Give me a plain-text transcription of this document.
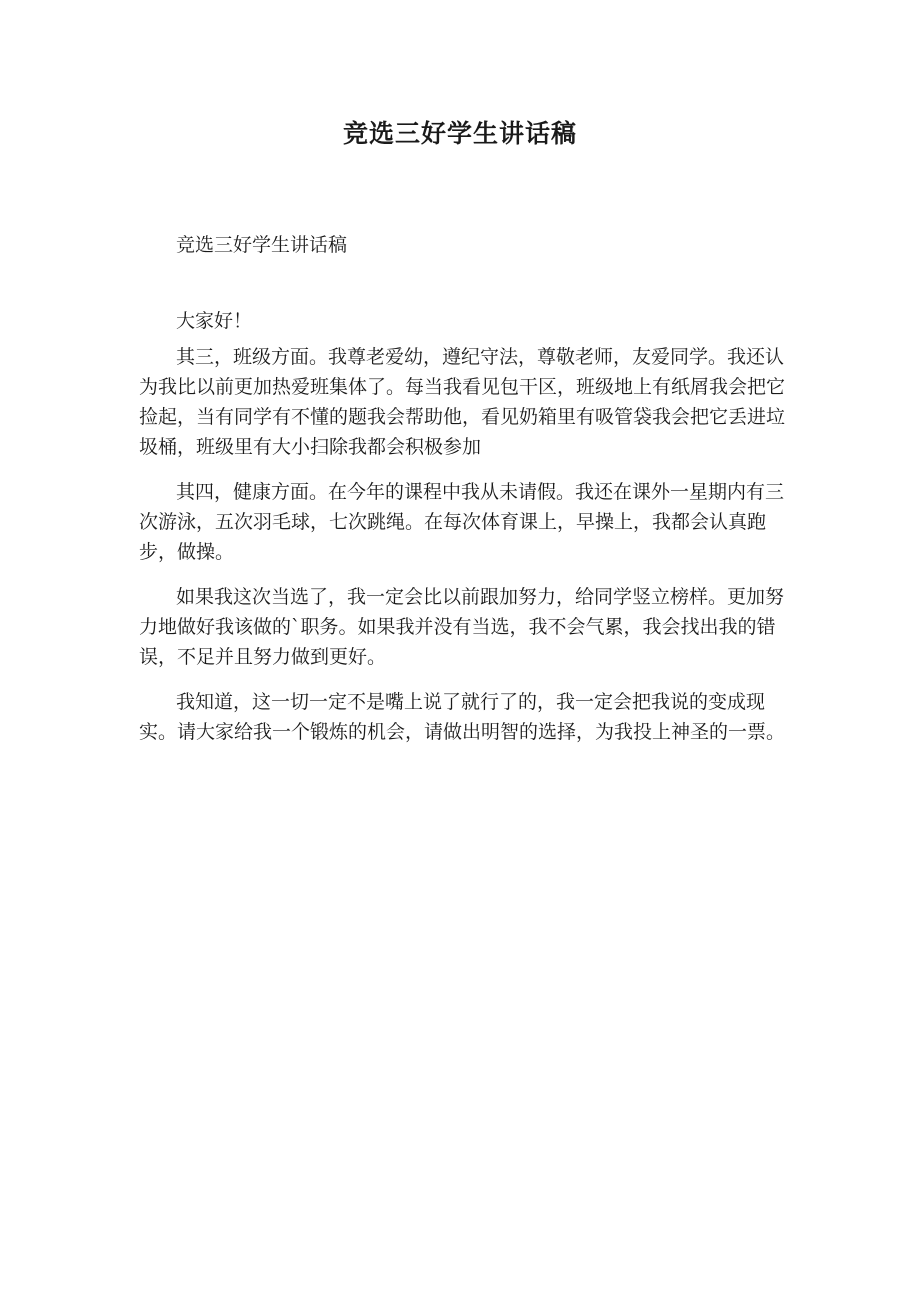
竞选三好学生讲话稿

竞选三好学生讲话稿

大家好！

其三，班级方面。我尊老爱幼，遵纪守法，尊敬老师，友爱同学。我还认为我比以前更加热爱班集体了。每当我看见包干区，班级地上有纸屑我会把它捡起，当有同学有不懂的题我会帮助他，看见奶箱里有吸管袋我会把它丢进垃圾桶，班级里有大小扫除我都会积极参加

其四，健康方面。在今年的课程中我从未请假。我还在课外一星期内有三次游泳，五次羽毛球，七次跳绳。在每次体育课上，早操上，我都会认真跑步，做操。

如果我这次当选了，我一定会比以前跟加努力，给同学竖立榜样。更加努力地做好我该做的`职务。如果我并没有当选，我不会气累，我会找出我的错误，不足并且努力做到更好。

我知道，这一切一定不是嘴上说了就行了的，我一定会把我说的变成现实。请大家给我一个锻炼的机会，请做出明智的选择，为我投上神圣的一票。
